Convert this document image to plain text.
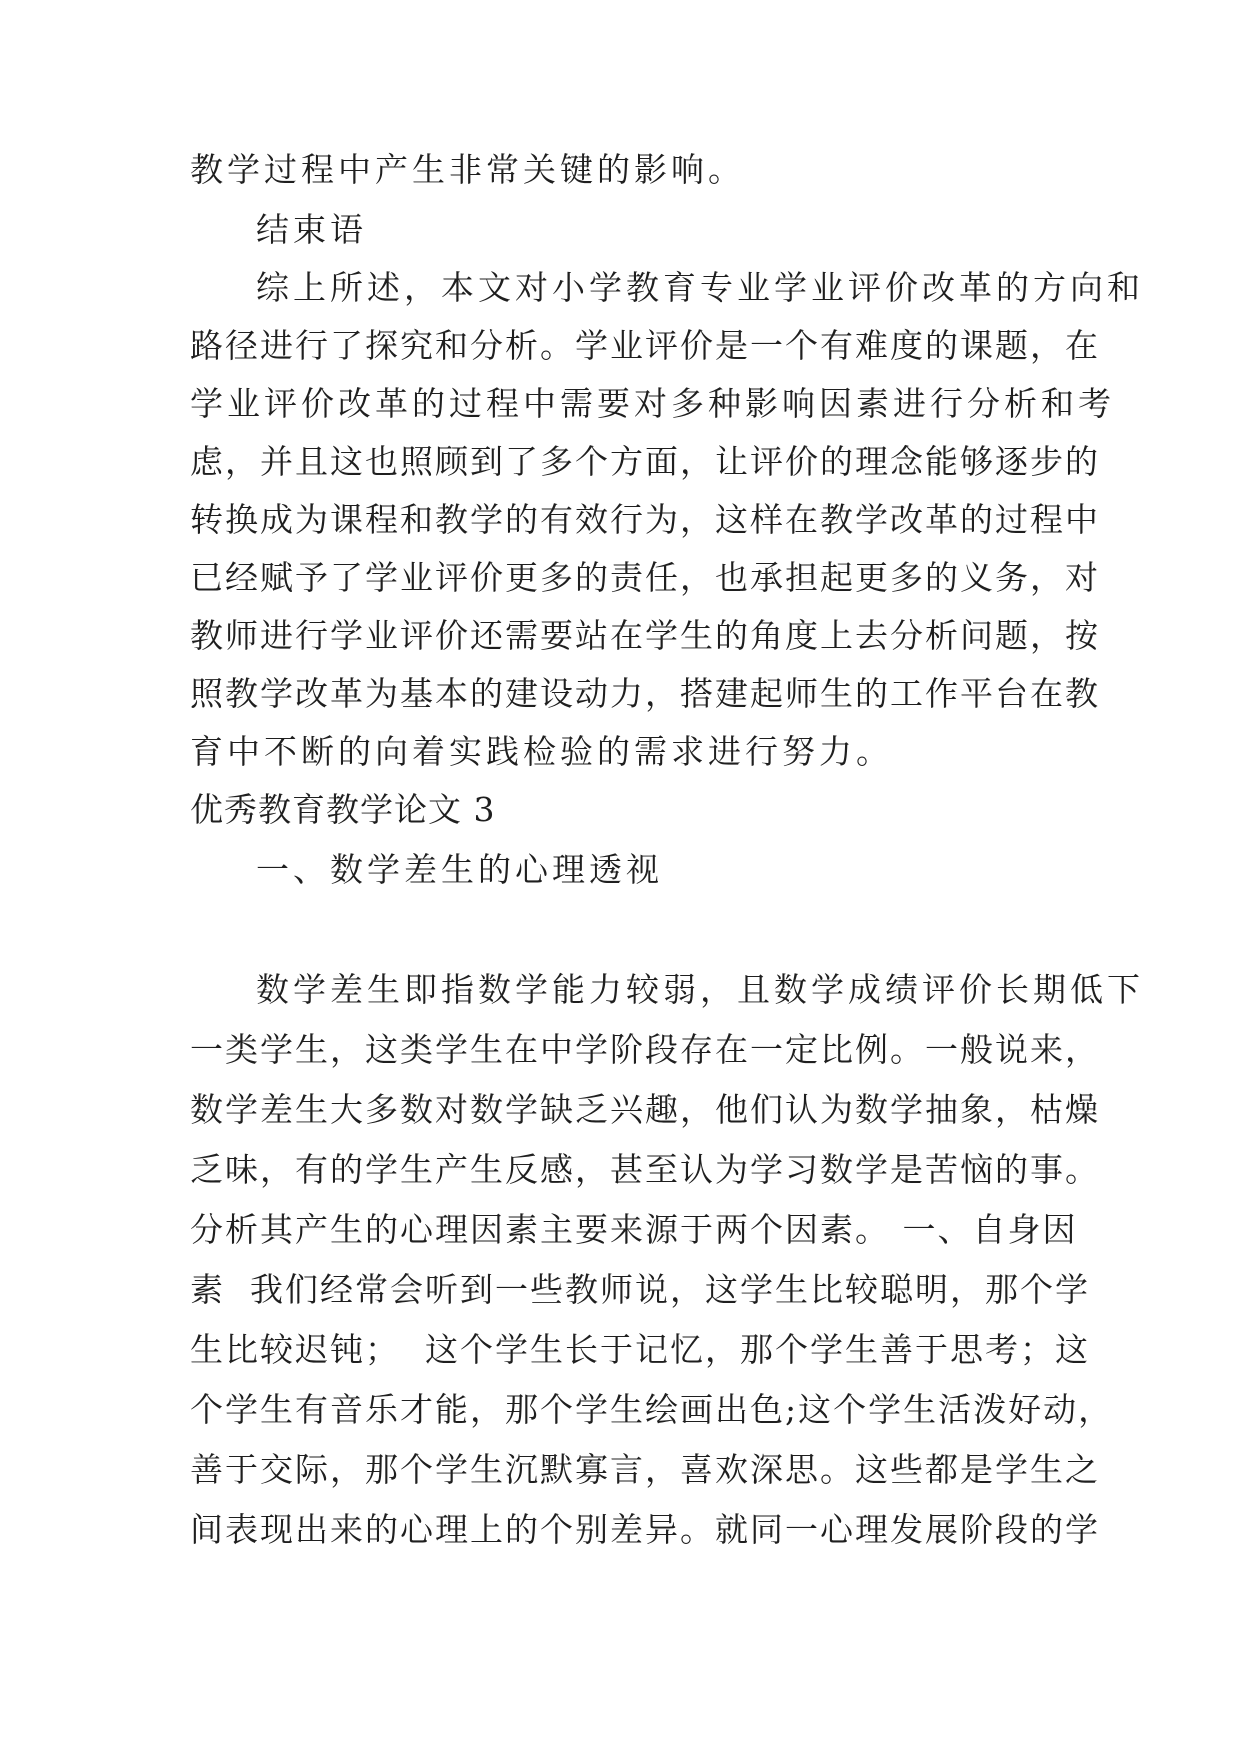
教学过程中产生非常关键的影响。
结束语
综上所述，本文对小学教育专业学业评价改革的方向和
路径进行了探究和分析。学业评价是一个有难度的课题，在
学业评价改革的过程中需要对多种影响因素进行分析和考
虑，并且这也照顾到了多个方面，让评价的理念能够逐步的
转换成为课程和教学的有效行为，这样在教学改革的过程中
已经赋予了学业评价更多的责任，也承担起更多的义务，对
教师进行学业评价还需要站在学生的角度上去分析问题，按
照教学改革为基本的建设动力，搭建起师生的工作平台在教
育中不断的向着实践检验的需求进行努力。
优秀教育教学论文 3
一、数学差生的心理透视
数学差生即指数学能力较弱，且数学成绩评价长期低下
一类学生，这类学生在中学阶段存在一定比例。一般说来，
数学差生大多数对数学缺乏兴趣，他们认为数学抽象，枯燥
乏味，有的学生产生反感，甚至认为学习数学是苦恼的事。
分析其产生的心理因素主要来源于两个因素。 一、自身因
素  我们经常会听到一些教师说，这学生比较聪明，那个学
生比较迟钝；  这个学生长于记忆，那个学生善于思考；这
个学生有音乐才能，那个学生绘画出色;这个学生活泼好动，
善于交际，那个学生沉默寡言，喜欢深思。这些都是学生之
间表现出来的心理上的个别差异。就同一心理发展阶段的学
